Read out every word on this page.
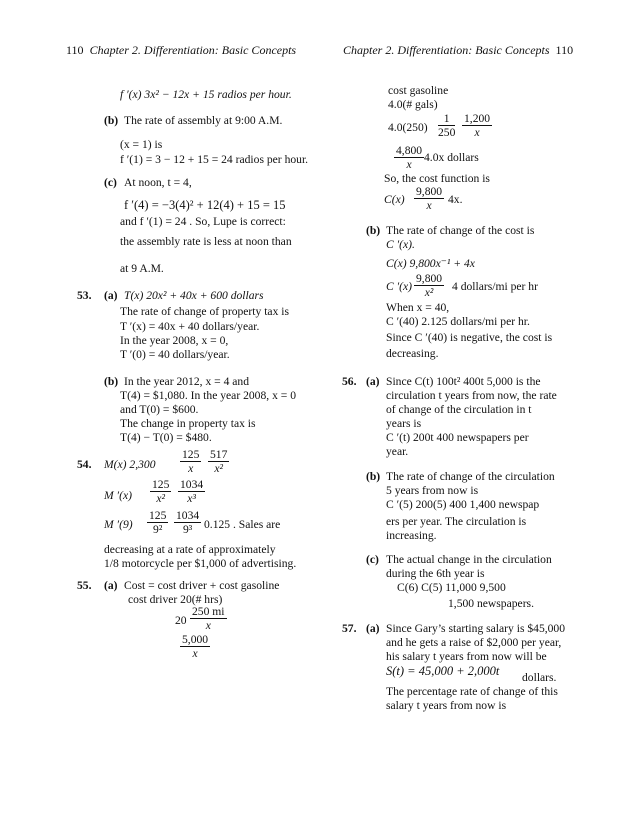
110 Chapter 2. Differentiation: Basic Concepts	Chapter 2. Differentiation: Basic Concepts 110
f ′(x) 3x² − 12x + 15 radios per hour.
(b) The rate of assembly at 9:00 A.M.
(x = 1) is
f ′(1) = 3 − 12 + 15 = 24 radios per hour.
(c) At noon, t = 4,
f ′(4) = −3(4)² + 12(4) + 15 = 15
and f ′(1) = 24 . So, Lupe is correct:
the assembly rate is less at noon than
at 9 A.M.
53. (a) T(x) 20x² + 40x + 600 dollars
The rate of change of property tax is
T ′(x) = 40x + 40 dollars/year.
In the year 2008, x = 0,
T ′(0) = 40 dollars/year.
(b) In the year 2012, x = 4 and
T(4) = $1,080. In the year 2008, x = 0
and T(0) = $600.
The change in property tax is
T(4) − T(0) = $480.
54. M(x) $2,300 \frac{125}{x} \frac{517}{\text{x²}}$
M $'(x) \frac{125}{\text{x²}} \frac{1034}{\text{x³}}$
M $'(9) \frac{125}{\text{9²}} \frac{1034}{\text{9³}} 0.125$ . Sales are
decreasing at a rate of approximately
1/8 motorcycle per $1,000 of advertising.
55. (a) Cost = cost driver + cost gasoline
cost driver 20(# hrs)
$20 \frac{250 mi}{x}$
$\frac{5,000}{x}$
cost gasoline
4.0(# gals)
$4.0(250) \frac{1}{250} \frac{1,200}{x}$
$\frac{4,800}{x} 4.0x$ dollars
So, the cost function is
$C(x) \frac{9,800}{x} 4x$.
(b) The rate of change of the cost is
C ′(x).
C(x) 9,800x⁻¹ + 4x
C $'(x) \frac{9,800}{\text{x²}} 4$ dollars/mi per hr
When x = 40,
C ′(40) 2.125 dollars/mi per hr.
Since C ′(40) is negative, the cost is
decreasing.
56. (a) Since C(t) 100t² 400t 5,000 is the
circulation t years from now, the rate
of change of the circulation in t
years is
C ′(t) 200t 400 newspapers per
year.
(b) The rate of change of the circulation
5 years from now is
C ′(5) 200(5) 400 1,400 newspap
ers per year. The circulation is
increasing.
(c) The actual change in the circulation
during the 6th year is
C(6) C(5) 11,000 9,500
1,500 newspapers.
57. (a) Since Gary’s starting salary is $45,000
and he gets a raise of $2,000 per year,
his salary t years from now will be
S(t) = 45,000 + 2,000t dollars.
The percentage rate of change of this
salary t years from now is
